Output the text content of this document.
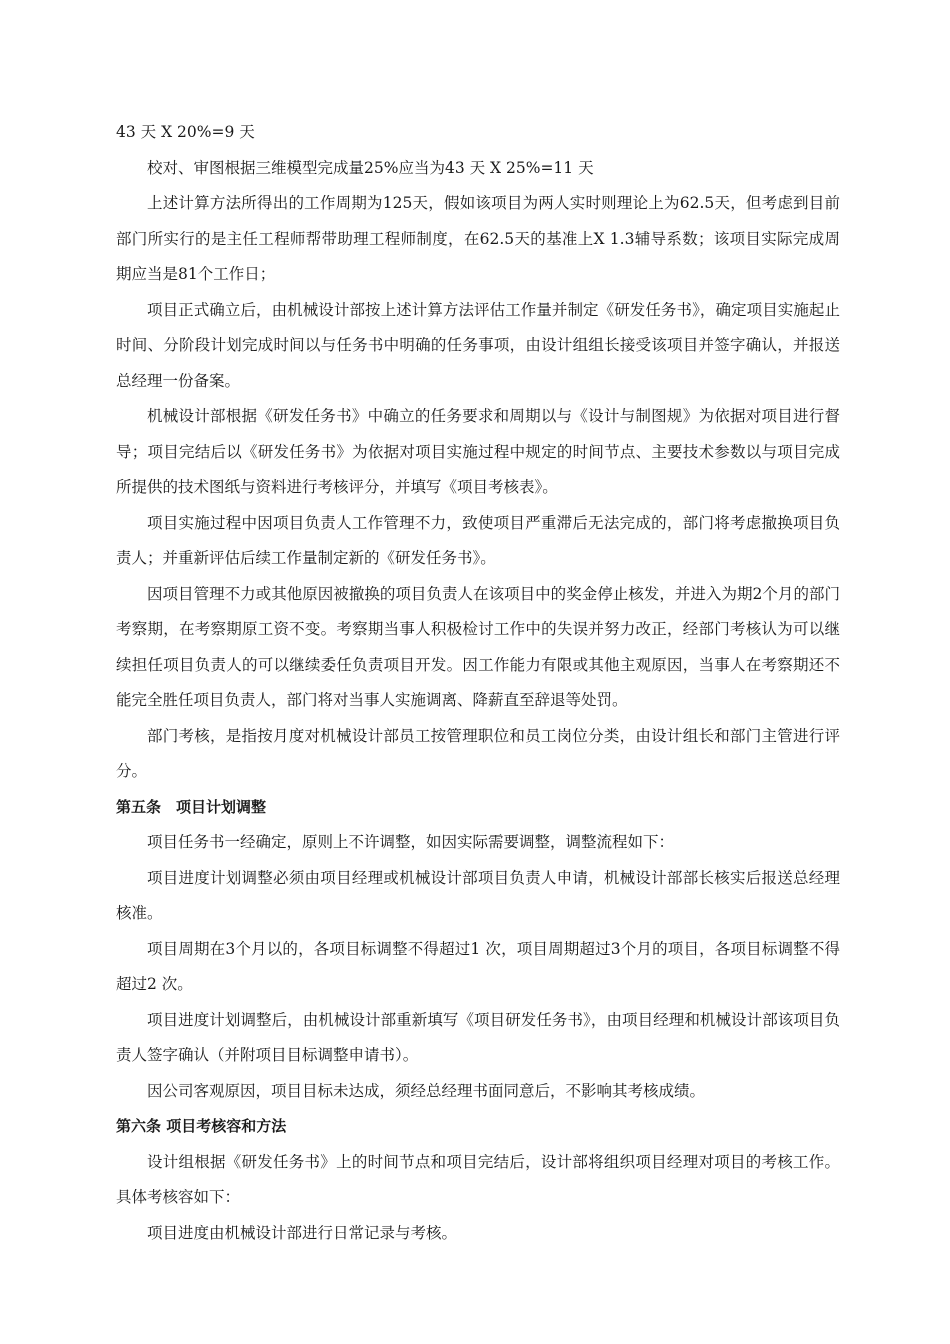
43 天 X 20%=9 天

校对、审图根据三维模型完成量25%应当为43 天 X 25%=11 天

上述计算方法所得出的工作周期为125天，假如该项目为两人实时则理论上为62.5天，但考虑到目前部门所实行的是主任工程师帮带助理工程师制度，在62.5天的基准上X 1.3辅导系数；该项目实际完成周期应当是81个工作日；

项目正式确立后，由机械设计部按上述计算方法评估工作量并制定《研发任务书》，确定项目实施起止时间、分阶段计划完成时间以与任务书中明确的任务事项，由设计组组长接受该项目并签字确认，并报送总经理一份备案。

机械设计部根据《研发任务书》中确立的任务要求和周期以与《设计与制图规》为依据对项目进行督导；项目完结后以《研发任务书》为依据对项目实施过程中规定的时间节点、主要技术参数以与项目完成所提供的技术图纸与资料进行考核评分，并填写《项目考核表》。

项目实施过程中因项目负责人工作管理不力，致使项目严重滞后无法完成的，部门将考虑撤换项目负责人；并重新评估后续工作量制定新的《研发任务书》。

因项目管理不力或其他原因被撤换的项目负责人在该项目中的奖金停止核发，并进入为期2个月的部门考察期，在考察期原工资不变。考察期当事人积极检讨工作中的失误并努力改正，经部门考核认为可以继续担任项目负责人的可以继续委任负责项目开发。因工作能力有限或其他主观原因，当事人在考察期还不能完全胜任项目负责人，部门将对当事人实施调离、降薪直至辞退等处罚。

部门考核，是指按月度对机械设计部员工按管理职位和员工岗位分类，由设计组长和部门主管进行评分。

第五条　项目计划调整

项目任务书一经确定，原则上不许调整，如因实际需要调整，调整流程如下：

项目进度计划调整必须由项目经理或机械设计部项目负责人申请，机械设计部部长核实后报送总经理核准。

项目周期在3个月以的，各项目标调整不得超过1 次，项目周期超过3个月的项目，各项目标调整不得超过2 次。

项目进度计划调整后，由机械设计部重新填写《项目研发任务书》，由项目经理和机械设计部该项目负责人签字确认（并附项目目标调整申请书）。

因公司客观原因，项目目标未达成，须经总经理书面同意后，不影响其考核成绩。

第六条 项目考核容和方法

设计组根据《研发任务书》上的时间节点和项目完结后，设计部将组织项目经理对项目的考核工作。具体考核容如下：

项目进度由机械设计部进行日常记录与考核。
